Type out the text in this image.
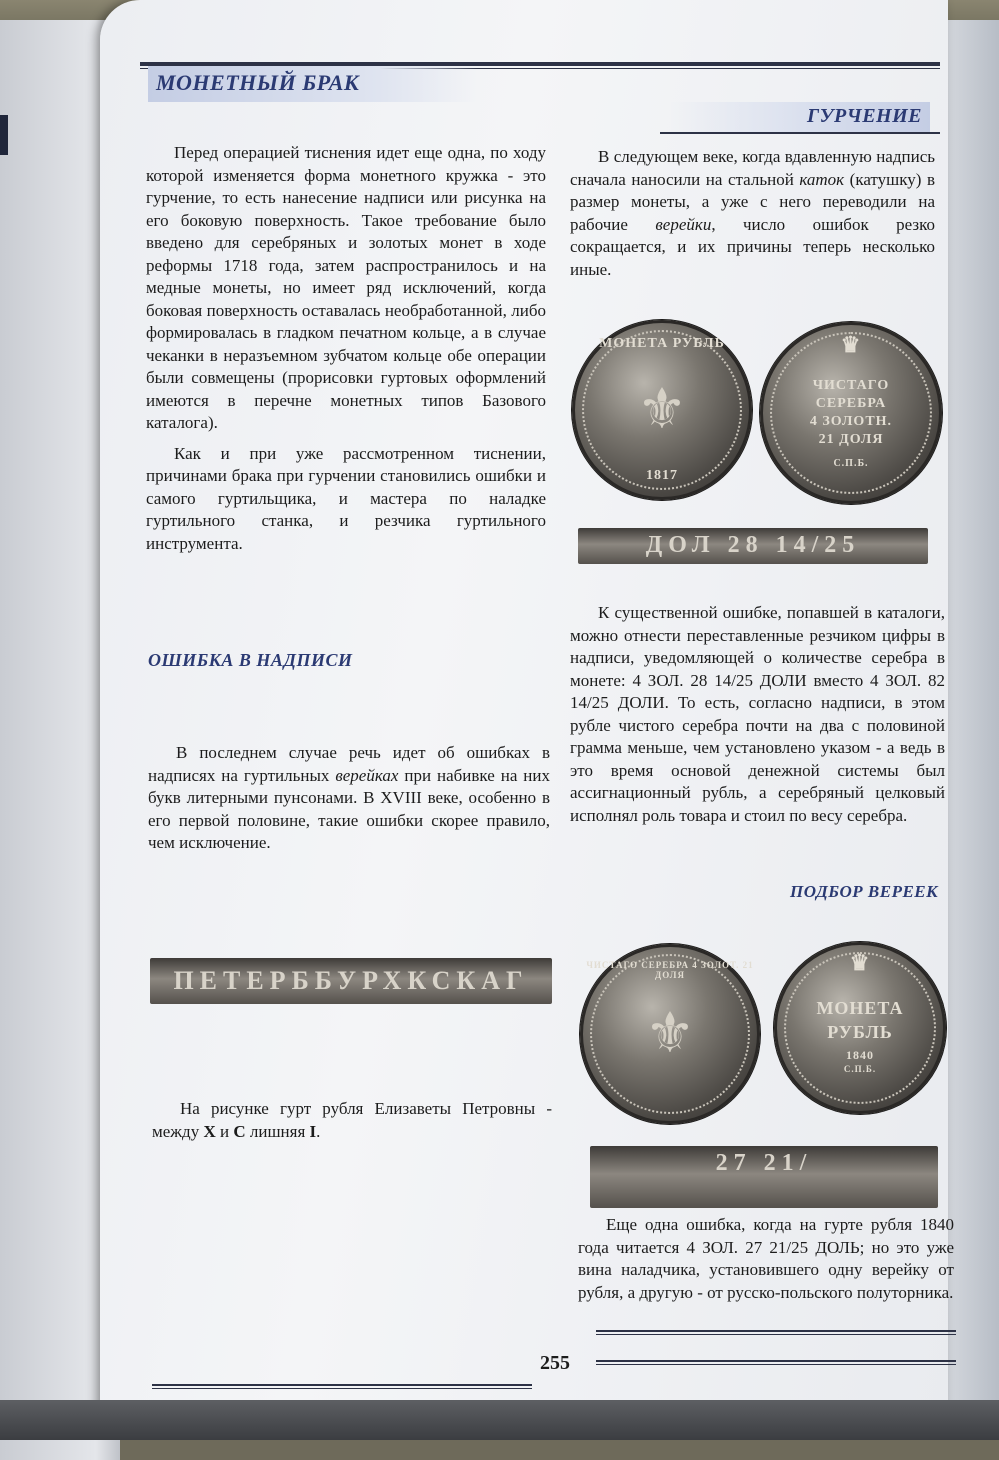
МОНЕТНЫЙ БРАК
ГУРЧЕНИЕ

Перед операцией тиснения идет еще одна, по ходу которой изменяется форма монетного кружка - это гурчение, то есть нанесение надписи или рисунка на его боковую поверхность. Такое требование было введено для серебряных и золотых монет в ходе реформы 1718 года, затем распространилось и на медные монеты, но имеет ряд исключений, когда боковая поверхность оставалась необработанной, либо формировалась в гладком печатном кольце, а в случае чеканки в неразъемном зубчатом кольце обе операции были совмещены (прорисовки гуртовых оформлений имеются в перечне монетных типов Базового каталога).

Как и при уже рассмотренном тиснении, причинами брака при гурчении становились ошибки и самого гуртильщика, и мастера по наладке гуртильного станка, и резчика гуртильного инструмента.

ОШИБКА В НАДПИСИ

В последнем случае речь идет об ошибках в надписях на гуртильных верейках при набивке на них букв литерными пунсонами. В XVIII веке, особенно в его первой половине, такие ошибки скорее правило, чем исключение.

ПЕТЕРББУРХКСКАГ

На рисунке гурт рубля Елизаветы Петровны - между Х и С лишняя I.

В следующем веке, когда вдавленную надпись сначала наносили на стальной каток (катушку) в размер монеты, а уже с него переводили на рабочие верейки, число ошибок резко сокращается, и их причины теперь несколько иные.

МОНЕТА РУБЛЬ
⚜
1817
♛
ЧИСТАГО
СЕРЕБРА
4 ЗОЛОТН.
21 ДОЛЯ
С.П.Б.
ДОЛ 28 14/25

К существенной ошибке, попавшей в каталоги, можно отнести переставленные резчиком цифры в надписи, уведомляющей о количестве серебра в монете: 4 ЗОЛ. 28 14/25 ДОЛИ вместо 4 ЗОЛ. 82 14/25 ДОЛИ. То есть, согласно надписи, в этом рубле чистого серебра почти на два с половиной грамма меньше, чем установлено указом - а ведь в это время основой денежной системы был ассигнационный рубль, а серебряный целковый исполнял роль товара и стоил по весу серебра.

ПОДБОР ВЕРЕЕК
ЧИСТАГО СЕРЕБРА 4 ЗОЛОТ. 21 ДОЛЯ
⚜
♛
МОНЕТА
РУБЛЬ
1840
С.П.Б.
27 21/

Еще одна ошибка, когда на гурте рубля 1840 года читается 4 ЗОЛ. 27 21/25 ДОЛЬ; но это уже вина наладчика, установившего одну верейку от рубля, а другую - от русско-польского полуторника.

255
